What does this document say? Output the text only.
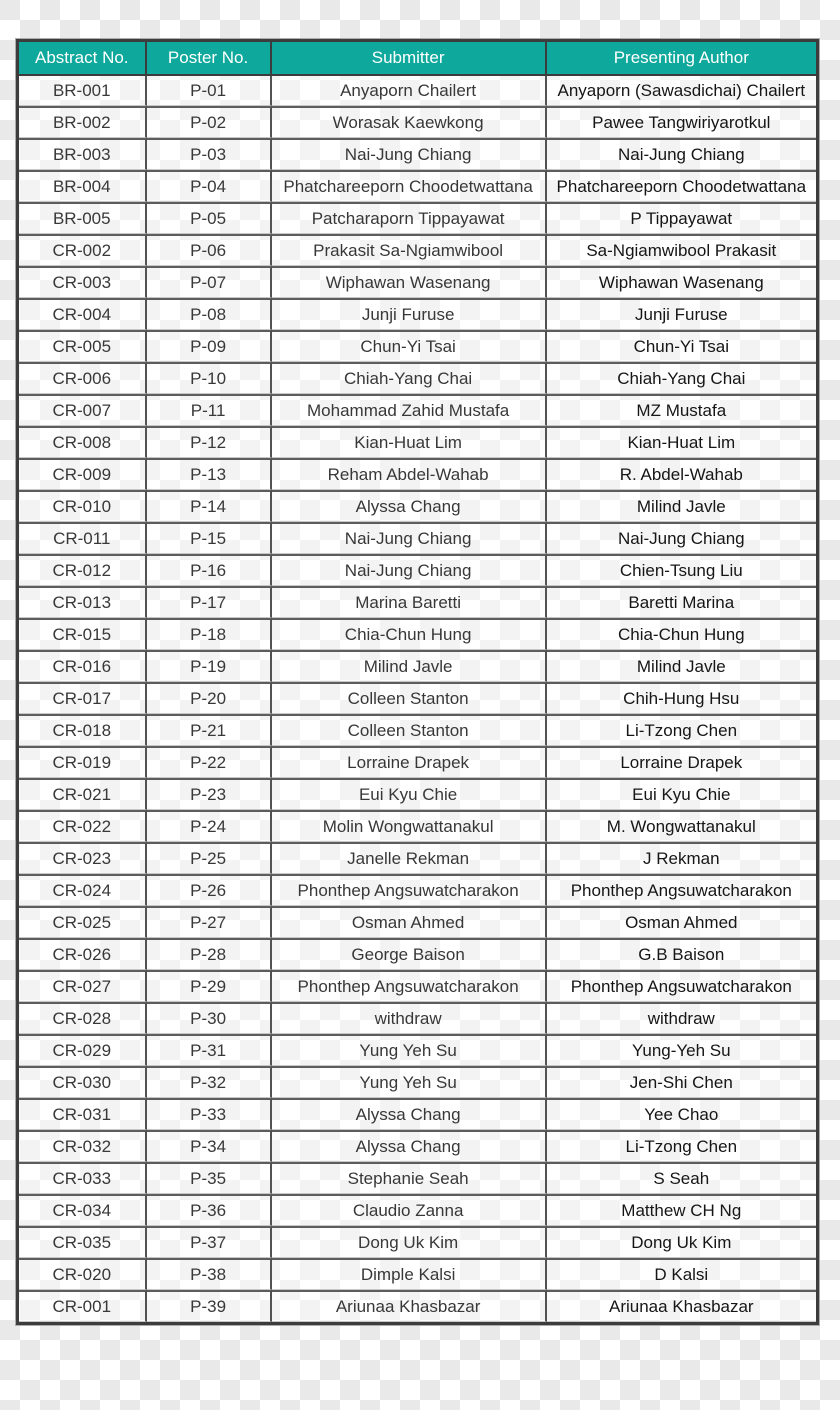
Abstract No.	Poster No.	Submitter	Presenting Author
BR-001	P-01	Anyaporn Chailert	Anyaporn (Sawasdichai) Chailert
BR-002	P-02	Worasak Kaewkong	Pawee Tangwiriyarotkul
BR-003	P-03	Nai-Jung Chiang	Nai-Jung Chiang
BR-004	P-04	Phatchareeporn Choodetwattana	Phatchareeporn Choodetwattana
BR-005	P-05	Patcharaporn Tippayawat	P Tippayawat
CR-002	P-06	Prakasit Sa-Ngiamwibool	Sa-Ngiamwibool Prakasit
CR-003	P-07	Wiphawan Wasenang	Wiphawan Wasenang
CR-004	P-08	Junji Furuse	Junji Furuse
CR-005	P-09	Chun-Yi Tsai	Chun-Yi Tsai
CR-006	P-10	Chiah-Yang Chai	Chiah-Yang Chai
CR-007	P-11	Mohammad Zahid Mustafa	MZ Mustafa
CR-008	P-12	Kian-Huat Lim	Kian-Huat Lim
CR-009	P-13	Reham Abdel-Wahab	R. Abdel-Wahab
CR-010	P-14	Alyssa Chang	Milind Javle
CR-011	P-15	Nai-Jung Chiang	Nai-Jung Chiang
CR-012	P-16	Nai-Jung Chiang	Chien-Tsung Liu
CR-013	P-17	Marina Baretti	Baretti Marina
CR-015	P-18	Chia-Chun Hung	Chia-Chun Hung
CR-016	P-19	Milind Javle	Milind Javle
CR-017	P-20	Colleen Stanton	Chih-Hung Hsu
CR-018	P-21	Colleen Stanton	Li-Tzong Chen
CR-019	P-22	Lorraine Drapek	Lorraine Drapek
CR-021	P-23	Eui Kyu Chie	Eui Kyu Chie
CR-022	P-24	Molin Wongwattanakul	M. Wongwattanakul
CR-023	P-25	Janelle Rekman	J Rekman
CR-024	P-26	Phonthep Angsuwatcharakon	Phonthep Angsuwatcharakon
CR-025	P-27	Osman Ahmed	Osman Ahmed
CR-026	P-28	George Baison	G.B Baison
CR-027	P-29	Phonthep Angsuwatcharakon	Phonthep Angsuwatcharakon
CR-028	P-30	withdraw	withdraw
CR-029	P-31	Yung Yeh Su	Yung-Yeh Su
CR-030	P-32	Yung Yeh Su	Jen-Shi Chen
CR-031	P-33	Alyssa Chang	Yee Chao
CR-032	P-34	Alyssa Chang	Li-Tzong Chen
CR-033	P-35	Stephanie Seah	S Seah
CR-034	P-36	Claudio Zanna	Matthew CH Ng
CR-035	P-37	Dong Uk Kim	Dong Uk Kim
CR-020	P-38	Dimple Kalsi	D Kalsi
CR-001	P-39	Ariunaa Khasbazar	Ariunaa Khasbazar
